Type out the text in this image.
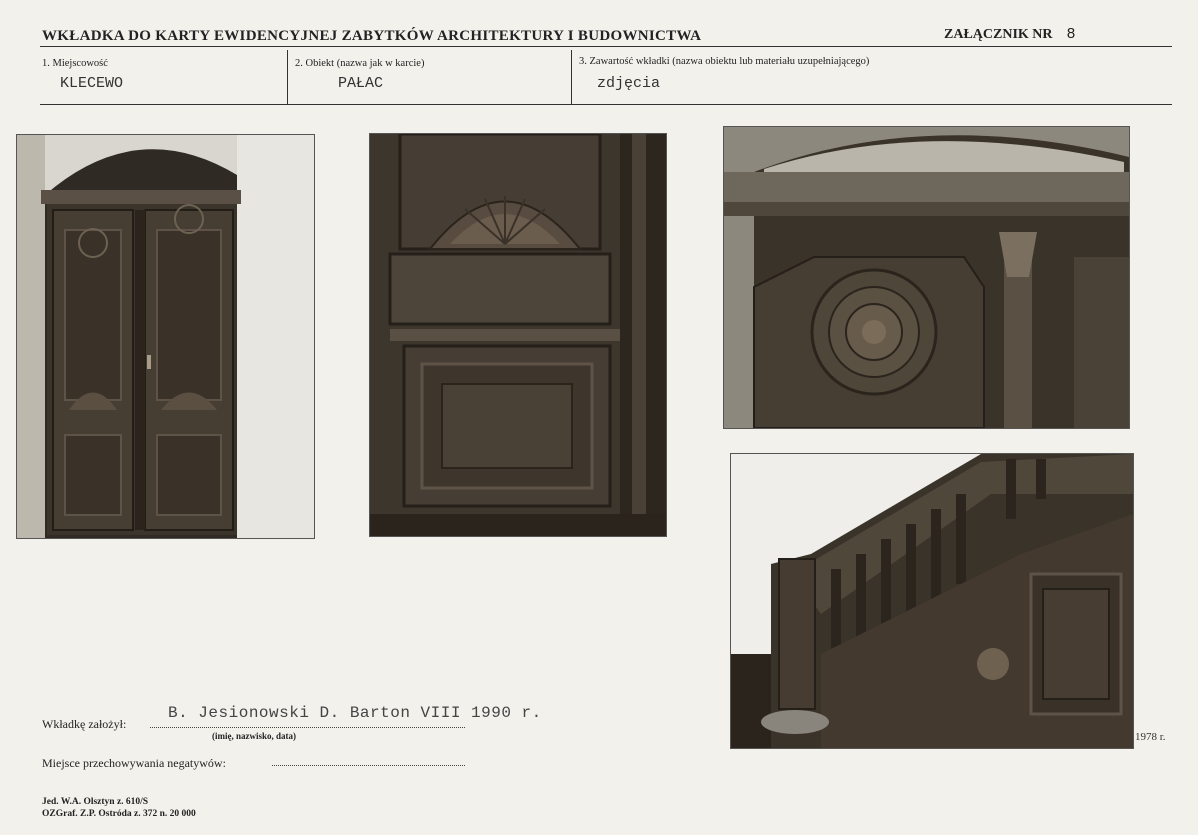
WKŁADKA DO KARTY EWIDENCYJNEJ ZABYTKÓW ARCHITEKTURY I BUDOWNICTWA	ZAŁĄCZNIK NR 8
1. Miejscowość
KLECEWO
2. Obiekt (nazwa jak w karcie)
PAŁAC
3. Zawartość wkładki (nazwa obiektu lub materiału uzupełniającego)
zdjęcia
1978 r.
Wkładkę założył:
B. Jesionowski D. Barton VIII 1990 r.
(imię, nazwisko, data)
Miejsce przechowywania negatywów:
Jed. W.A. Olsztyn z. 610/S
OZGraf. Z.P. Ostróda z. 372 n. 20 000
